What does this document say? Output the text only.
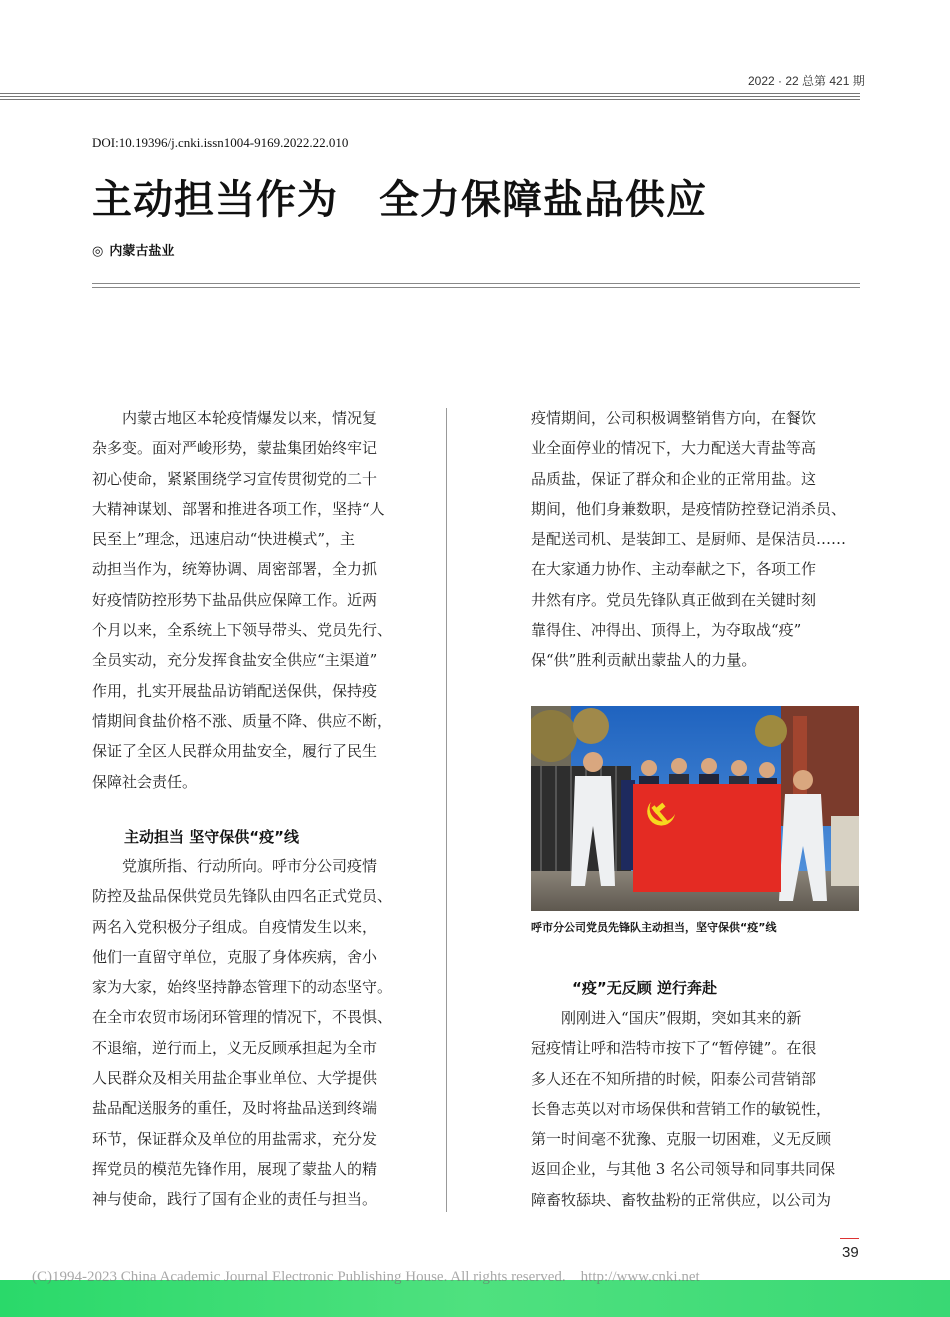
2022 · 22 总第 421 期
DOI:10.19396/j.cnki.issn1004-9169.2022.22.010
主动担当作为　全力保障盐品供应
◎ 内蒙古盐业

内蒙古地区本轮疫情爆发以来，情况复

杂多变。面对严峻形势，蒙盐集团始终牢记

初心使命，紧紧围绕学习宣传贯彻党的二十

大精神谋划、部署和推进各项工作，坚持“人

民至上”理念，迅速启动“快进模式”，主

动担当作为，统筹协调、周密部署，全力抓

好疫情防控形势下盐品供应保障工作。近两

个月以来，全系统上下领导带头、党员先行、

全员实动，充分发挥食盐安全供应“主渠道”

作用，扎实开展盐品访销配送保供，保持疫

情期间食盐价格不涨、质量不降、供应不断，

保证了全区人民群众用盐安全，履行了民生

保障社会责任。

主动担当 坚守保供“疫”线

党旗所指、行动所向。呼市分公司疫情

防控及盐品保供党员先锋队由四名正式党员、

两名入党积极分子组成。自疫情发生以来，

他们一直留守单位，克服了身体疾病，舍小

家为大家，始终坚持静态管理下的动态坚守。

在全市农贸市场闭环管理的情况下，不畏惧、

不退缩，逆行而上，义无反顾承担起为全市

人民群众及相关用盐企事业单位、大学提供

盐品配送服务的重任，及时将盐品送到终端

环节，保证群众及单位的用盐需求，充分发

挥党员的模范先锋作用，展现了蒙盐人的精

神与使命，践行了国有企业的责任与担当。

疫情期间，公司积极调整销售方向，在餐饮

业全面停业的情况下，大力配送大青盐等高

品质盐，保证了群众和企业的正常用盐。这

期间，他们身兼数职，是疫情防控登记消杀员、

是配送司机、是装卸工、是厨师、是保洁员……

在大家通力协作、主动奉献之下，各项工作

井然有序。党员先锋队真正做到在关键时刻

靠得住、冲得出、顶得上，为夺取战“疫”

保“供”胜利贡献出蒙盐人的力量。

呼市分公司党员先锋队主动担当，坚守保供“疫”线
“疫”无反顾 逆行奔赴

刚刚进入“国庆”假期，突如其来的新

冠疫情让呼和浩特市按下了“暂停键”。在很

多人还在不知所措的时候，阳泰公司营销部

长鲁志英以对市场保供和营销工作的敏锐性，

第一时间毫不犹豫、克服一切困难，义无反顾

返回企业，与其他 3 名公司领导和同事共同保

障畜牧舔块、畜牧盐粉的正常供应，以公司为

39
(C)1994-2023 China Academic Journal Electronic Publishing House. All rights reserved.    http://www.cnki.net
